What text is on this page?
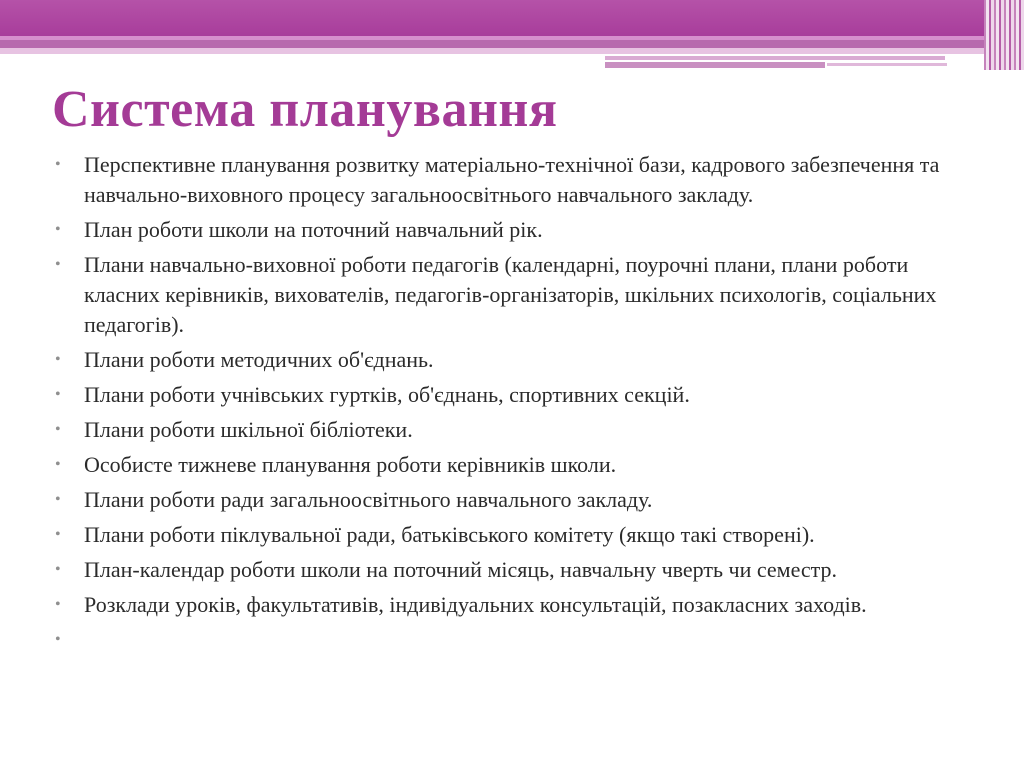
Система планування
• Перспективне планування розвитку матеріально-технічної бази, кадрового забезпечення та навчально-виховного процесу загальноосвітнього навчального закладу.
• План роботи школи на поточний навчальний рік.
• Плани навчально-виховної роботи педагогів (календарні, поурочні плани, плани роботи класних керівників, вихователів, педагогів-організаторів, шкільних психологів, соціальних педагогів).
• Плани роботи методичних об'єднань.
• Плани роботи учнівських гуртків, об'єднань, спортивних секцій.
• Плани роботи шкільної бібліотеки.
• Особисте тижневе планування роботи керівників школи.
• Плани роботи ради загальноосвітнього навчального закладу.
• Плани роботи піклувальної ради, батьківського комітету (якщо такі створені).
• План-календар роботи школи на поточний місяць, навчальну чверть чи семестр.
• Розклади уроків, факультативів, індивідуальних консультацій, позакласних заходів.
•
